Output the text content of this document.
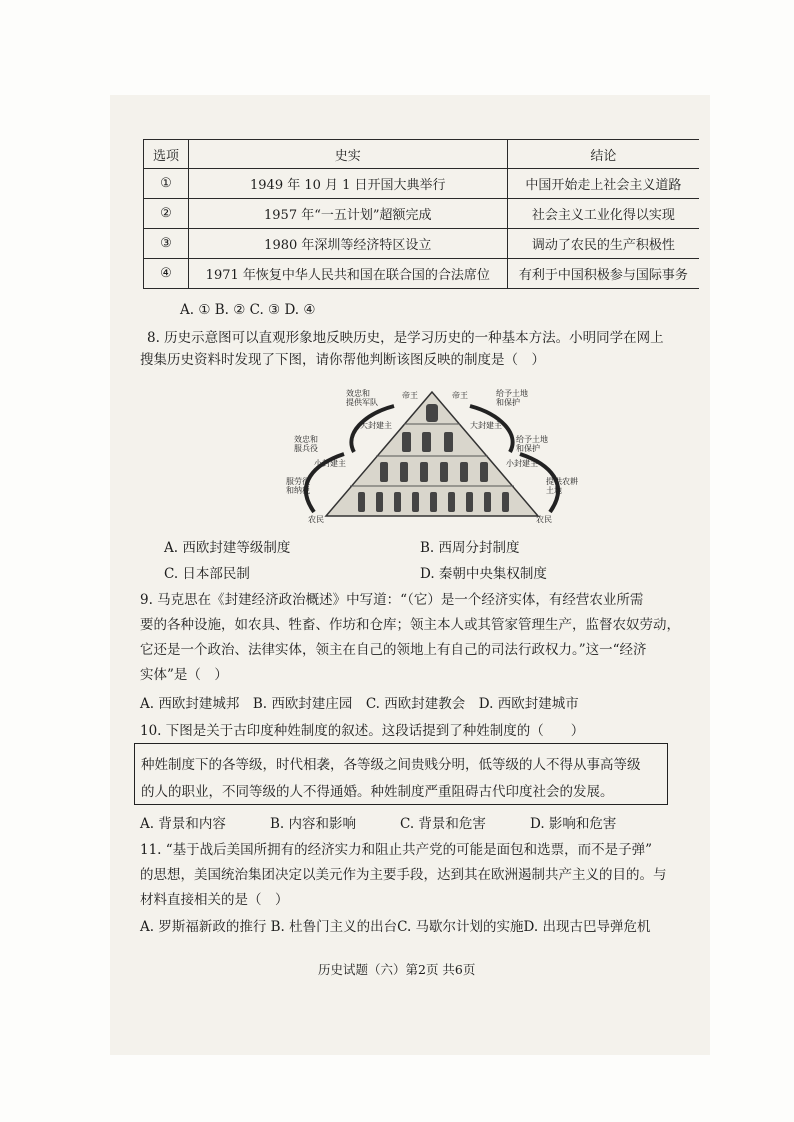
选项	史实	结论
①	1949 年 10 月 1 日开国大典举行	中国开始走上社会主义道路
②	1957 年“一五计划”超额完成	社会主义工业化得以实现
③	1980 年深圳等经济特区设立	调动了农民的生产积极性
④	1971 年恢复中华人民共和国在联合国的合法席位	有利于中国积极参与国际事务
A. ① B. ② C. ③ D. ④
8. 历史示意图可以直观形象地反映历史，是学习历史的一种基本方法。小明同学在网上
搜集历史资料时发现了下图，请你帮他判断该图反映的制度是（　）
帝王	帝王
效忠和提供军队
给予土地和保护
大封建主	大封建主
效忠和服兵役
给予土地和保护
小封建主	小封建主
服劳役和纳税
提供农耕土地
农民	农民
A. 西欧封建等级制度	B. 西周分封制度
C. 日本部民制	D. 秦朝中央集权制度
9. 马克思在《封建经济政治概述》中写道：“（它）是一个经济实体，有经营农业所需
要的各种设施，如农具、牲畜、作坊和仓库；领主本人或其管家管理生产，监督农奴劳动，
它还是一个政治、法律实体，领主在自己的领地上有自己的司法行政权力。”这一“经济
实体”是（　）
A. 西欧封建城邦　B. 西欧封建庄园　C. 西欧封建教会　D. 西欧封建城市
10. 下图是关于古印度种姓制度的叙述。这段话提到了种姓制度的（　　）
种姓制度下的各等级，时代相袭，各等级之间贵贱分明，低等级的人不得从事高等级
的人的职业，不同等级的人不得通婚。种姓制度严重阻碍古代印度社会的发展。
A. 背景和内容	B. 内容和影响	C. 背景和危害	D. 影响和危害
11. “基于战后美国所拥有的经济实力和阻止共产党的可能是面包和选票，而不是子弹”
的思想，美国统治集团决定以美元作为主要手段，达到其在欧洲遏制共产主义的目的。与
材料直接相关的是（　）
A. 罗斯福新政的推行 B. 杜鲁门主义的出台C. 马歇尔计划的实施D. 出现古巴导弹危机
历史试题（六）第2页 共6页
